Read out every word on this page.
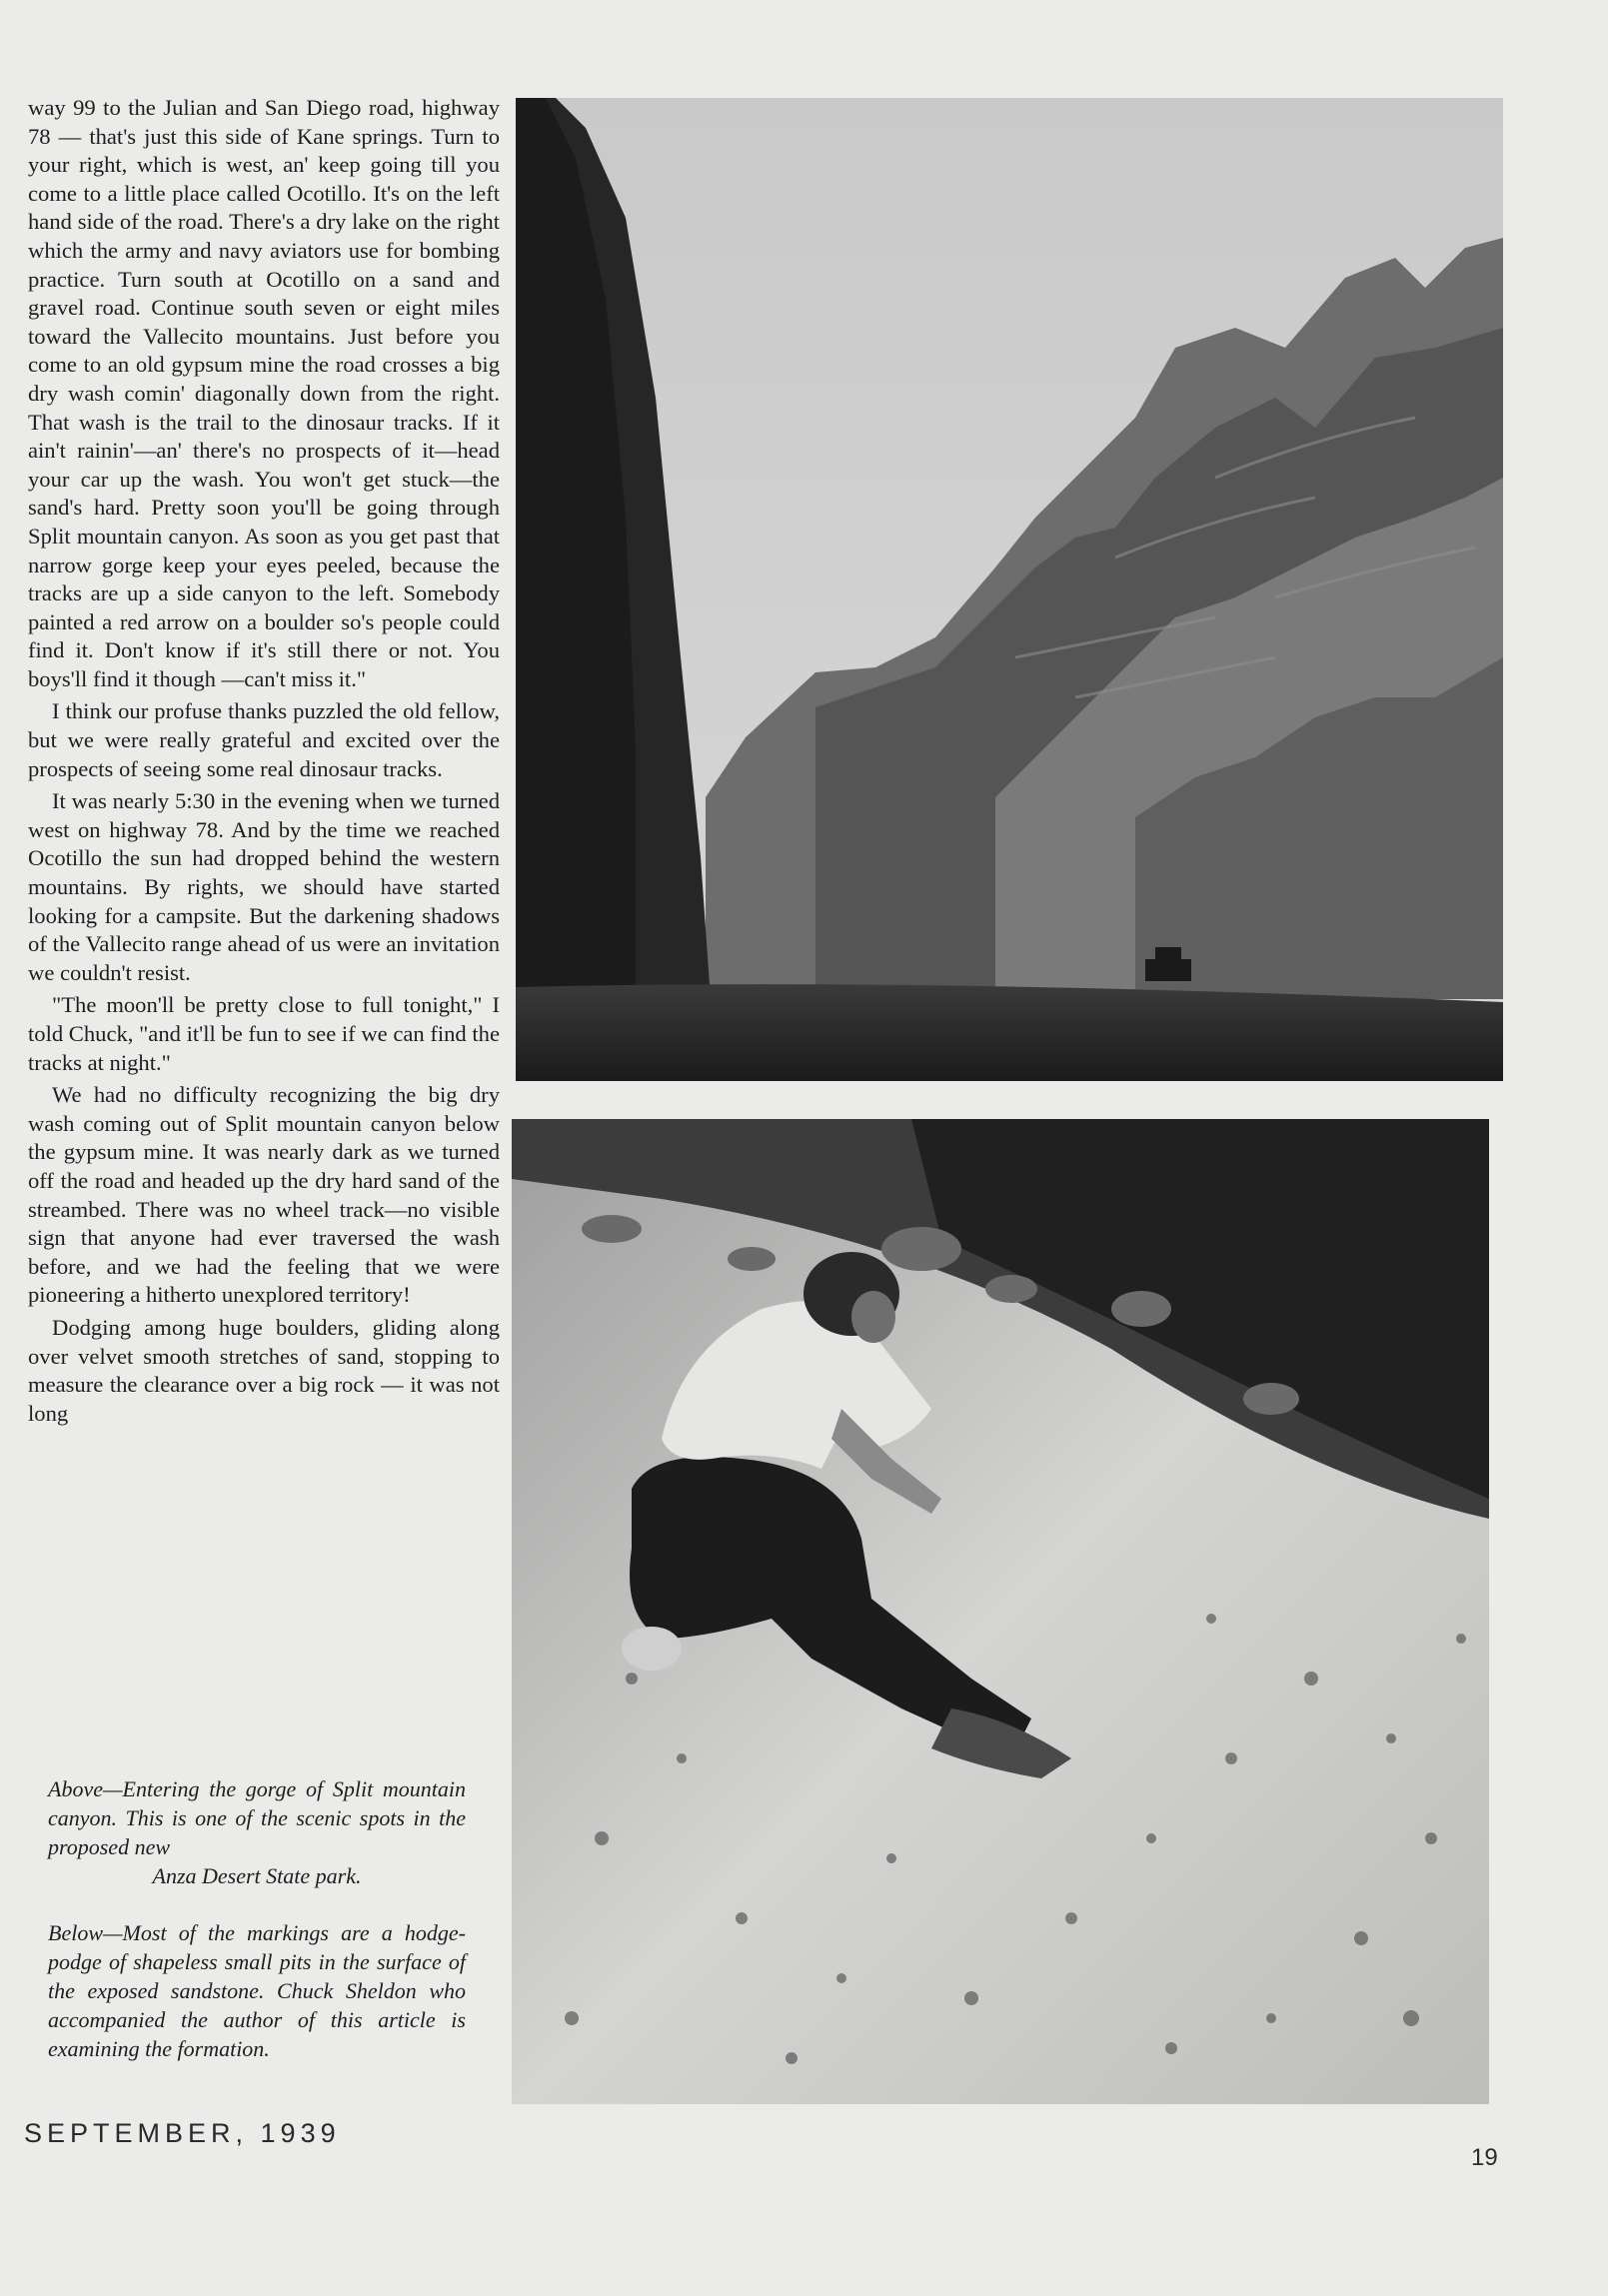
way 99 to the Julian and San Diego road, highway 78 — that's just this side of Kane springs. Turn to your right, which is west, an' keep going till you come to a little place called Ocotillo. It's on the left hand side of the road. There's a dry lake on the right which the army and navy aviators use for bombing practice. Turn south at Ocotillo on a sand and gravel road. Continue south seven or eight miles toward the Vallecito mountains. Just before you come to an old gypsum mine the road crosses a big dry wash comin' diagonally down from the right. That wash is the trail to the dinosaur tracks. If it ain't rainin'—an' there's no prospects of it—head your car up the wash. You won't get stuck—the sand's hard. Pretty soon you'll be going through Split mountain canyon. As soon as you get past that narrow gorge keep your eyes peeled, because the tracks are up a side canyon to the left. Somebody painted a red arrow on a boulder so's people could find it. Don't know if it's still there or not. You boys'll find it though —can't miss it."

I think our profuse thanks puzzled the old fellow, but we were really grateful and excited over the prospects of seeing some real dinosaur tracks.

It was nearly 5:30 in the evening when we turned west on highway 78. And by the time we reached Ocotillo the sun had dropped behind the western mountains. By rights, we should have started looking for a campsite. But the darkening shadows of the Vallecito range ahead of us were an invitation we couldn't resist.

"The moon'll be pretty close to full tonight," I told Chuck, "and it'll be fun to see if we can find the tracks at night."

We had no difficulty recognizing the big dry wash coming out of Split mountain canyon below the gypsum mine. It was nearly dark as we turned off the road and headed up the dry hard sand of the streambed. There was no wheel track—no visible sign that anyone had ever traversed the wash before, and we had the feeling that we were pioneering a hitherto unexplored territory!

Dodging among huge boulders, gliding along over velvet smooth stretches of sand, stopping to measure the clearance over a big rock — it was not long

Above—Entering the gorge of Split mountain canyon. This is one of the scenic spots in the proposed new
Anza Desert State park.

Below—Most of the markings are a hodge-podge of shapeless small pits in the surface of the exposed sandstone. Chuck Sheldon who accompanied the author of this article is examining the formation.

SEPTEMBER, 1939
19
